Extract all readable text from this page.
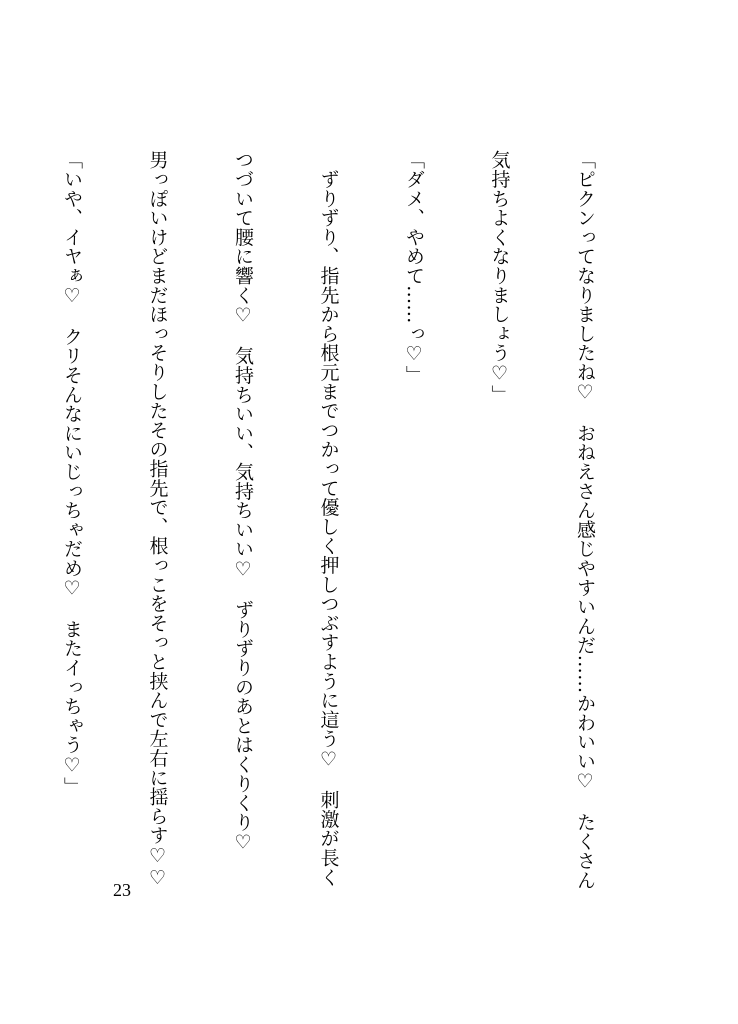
「ピクンってなりましたね♡　おねえさん感じやすいんだ……かわいい♡　たくさん

気持ちよくなりましょう♡」

「ダメ、やめて……っ♡」

　ずりずり、指先から根元までつかって優しく押しつぶすように這う♡　刺激が長く

つづいて腰に響く♡　気持ちいい、気持ちいい♡　ずりずりのあとはくりくり♡

男っぽいけどまだほっそりしたその指先で、根っこをそっと挟んで左右に揺らす♡♡

「いや、イヤぁ♡　クリそんなにいじっちゃだめ♡　またイっちゃう♡」

23
